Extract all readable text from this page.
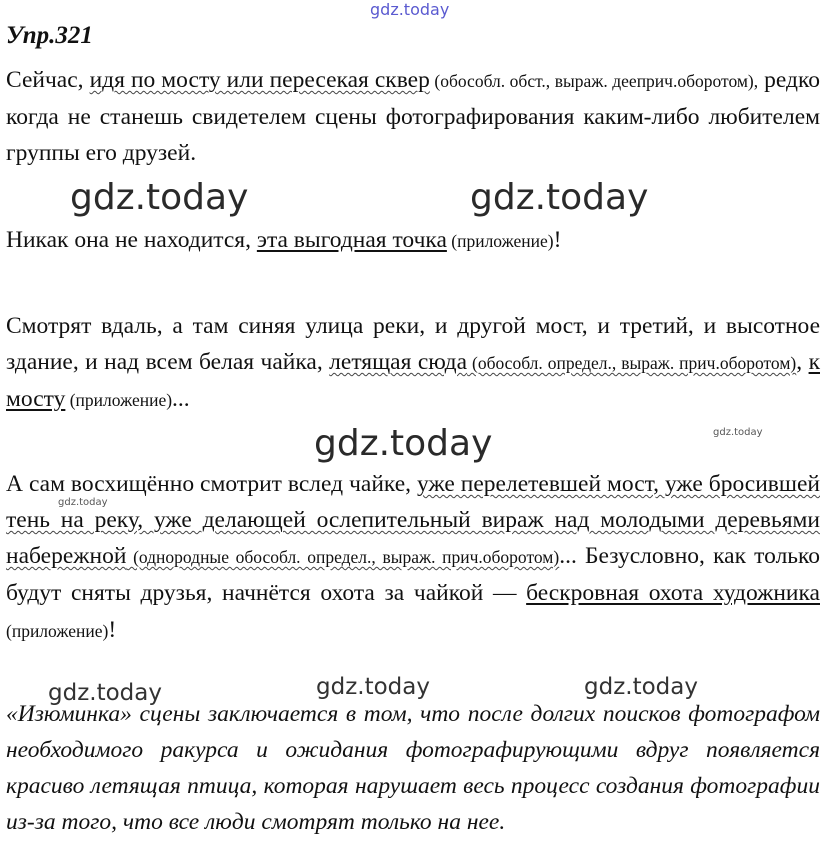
gdz.today
gdz.today	gdz.today
gdz.today	gdz.today
gdz.today
gdz.today	gdz.today	gdz.today
Упр.321
Сейчас, идя по мосту или пересекая сквер (обособл. обст., выраж. дееприч.оборотом), редко когда не станешь свидетелем сцены фотографирования каким-либо любителем группы его друзей.
Никак она не находится, эта выгодная точка (приложение)!
Смотрят вдаль, а там синяя улица реки, и другой мост, и третий, и высотное здание, и над всем белая чайка, летящая сюда (обособл. определ., выраж. прич.оборотом), к мосту (приложение)...
А сам восхищённо смотрит вслед чайке, уже перелетевшей мост, уже бросившей тень на реку, уже делающей ослепительный вираж над молодыми деревьями набережной (однородные обособл. определ., выраж. прич.оборотом)... Безусловно, как только будут сняты друзья, начнётся охота за чайкой — бескровная охота художника (приложение)!
«Изюминка» сцены заключается в том, что после долгих поисков фотографом необходимого ракурса и ожидания фотографирующими вдруг появляется красиво летящая птица, которая нарушает весь процесс создания фотографии из-за того, что все люди смотрят только на нее.
